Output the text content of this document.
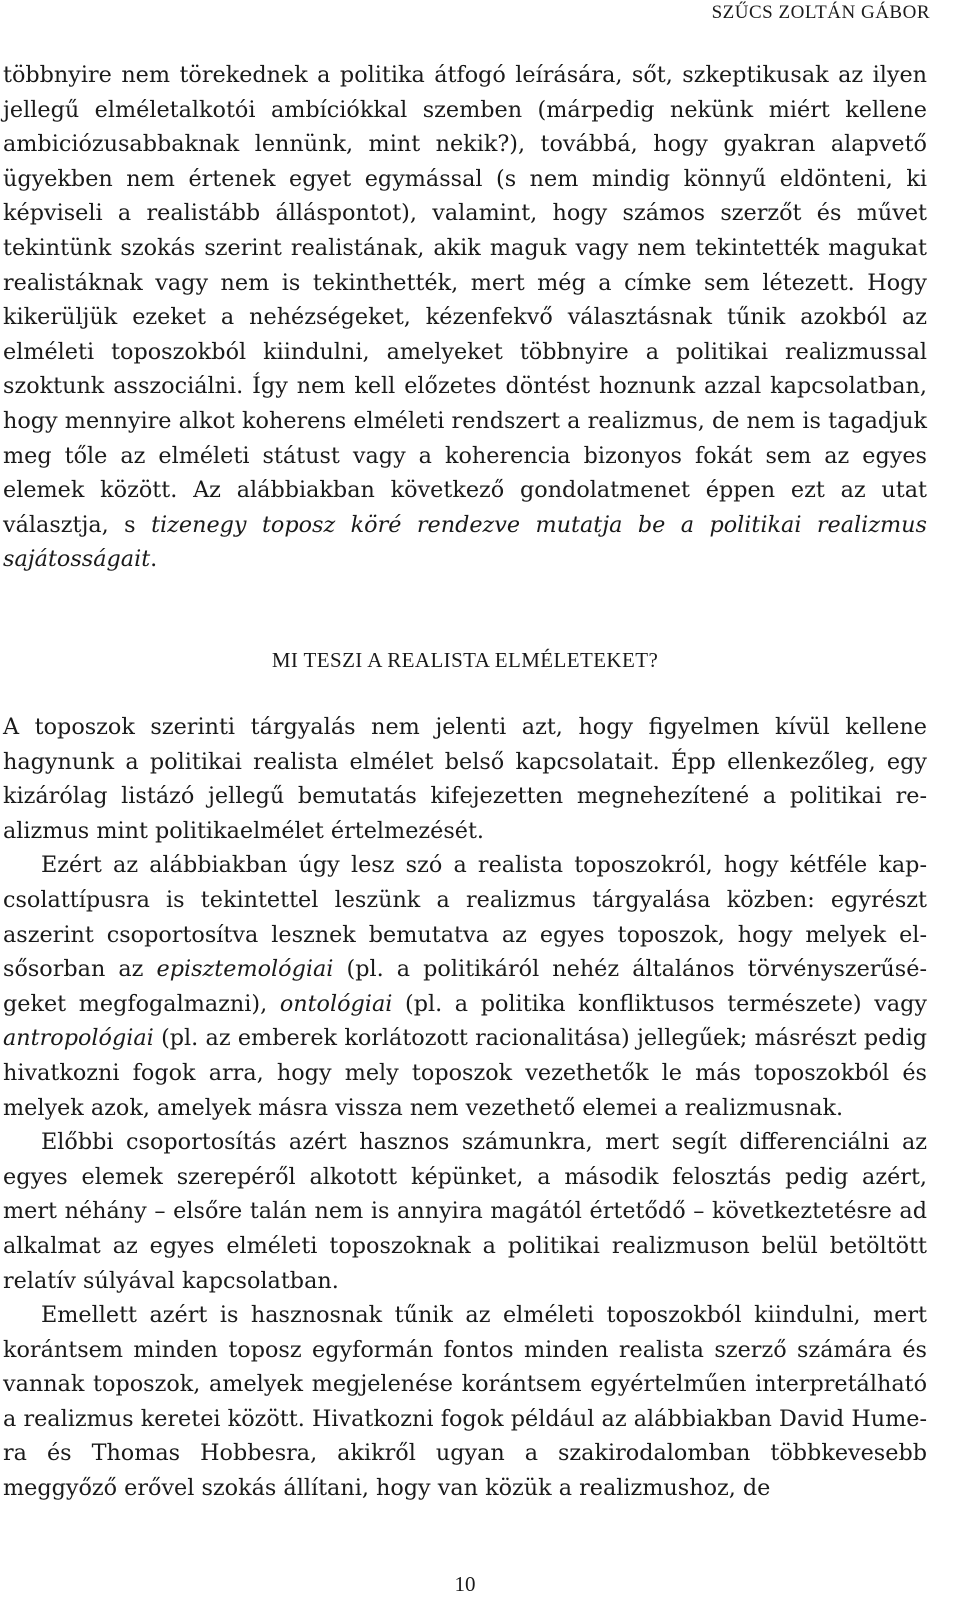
SZŰCS ZOLTÁN GÁBOR

többnyire nem törekednek a politika átfogó leírására, sőt, szkeptikusak az ilyen jellegű elméletalkotói ambíciókkal szemben (márpedig nekünk miért kellene ambiciózusabbaknak lennünk, mint nekik?), továbbá, hogy gyakran alapvető ügyekben nem értenek egyet egymással (s nem mindig könnyű eldönteni, ki képviseli a realistább álláspontot), valamint, hogy számos szerzőt és művet tekintünk szokás szerint realistának, akik maguk vagy nem tekintették magukat realistáknak vagy nem is tekinthették, mert még a címke sem létezett. Hogy kikerüljük ezeket a nehézségeket, kézenfekvő választásnak tűnik azokból az elméleti toposzokból kiindulni, amelyeket többnyire a politikai realizmussal szoktunk asszociálni. Így nem kell előzetes döntést hoznunk azzal kapcsolatban, hogy mennyire alkot koherens elméleti rendszert a realizmus, de nem is tagadjuk meg tőle az elméleti státust vagy a koherencia bizonyos fokát sem az egyes elemek között. Az alábbiakban következő gondolatmenet éppen ezt az utat választja, s tizenegy toposz köré rendezve mutatja be a politikai realizmus sajátosságait.

MI TESZI A REALISTA ELMÉLETEKET?

A toposzok szerinti tárgyalás nem jelenti azt, hogy figyelmen kívül kellene hagynunk a politikai realista elmélet belső kapcsolatait. Épp ellenkezőleg, egy kizárólag listázó jellegű bemutatás kifejezetten megnehezítené a politikai realizmus mint politikaelmélet értelmezését.

Ezért az alábbiakban úgy lesz szó a realista toposzokról, hogy kétféle kapcsolattípusra is tekintettel leszünk a realizmus tárgyalása közben: egyrészt aszerint csoportosítva lesznek bemutatva az egyes toposzok, hogy melyek elsősorban az episztemológiai (pl. a politikáról nehéz általános törvényszerűségeket megfogalmazni), ontológiai (pl. a politika konfliktusos természete) vagy antropológiai (pl. az emberek korlátozott racionalitása) jellegűek; másrészt pedig hivatkozni fogok arra, hogy mely toposzok vezethetők le más toposzokból és melyek azok, amelyek másra vissza nem vezethető elemei a realizmusnak.

Előbbi csoportosítás azért hasznos számunkra, mert segít differenciálni az egyes elemek szerepéről alkotott képünket, a második felosztás pedig azért, mert néhány – elsőre talán nem is annyira magától értetődő – következtetésre ad alkalmat az egyes elméleti toposzoknak a politikai realizmuson belül betöltött relatív súlyával kapcsolatban.

Emellett azért is hasznosnak tűnik az elméleti toposzokból kiindulni, mert korántsem minden toposz egyformán fontos minden realista szerző számára és vannak toposzok, amelyek megjelenése korántsem egyértelműen interpretálható a realizmus keretei között. Hivatkozni fogok például az alábbiakban David Hume-ra és Thomas Hobbesra, akikről ugyan a szakirodalomban többkevesebb meggyőző erővel szokás állítani, hogy van közük a realizmushoz, de

10
